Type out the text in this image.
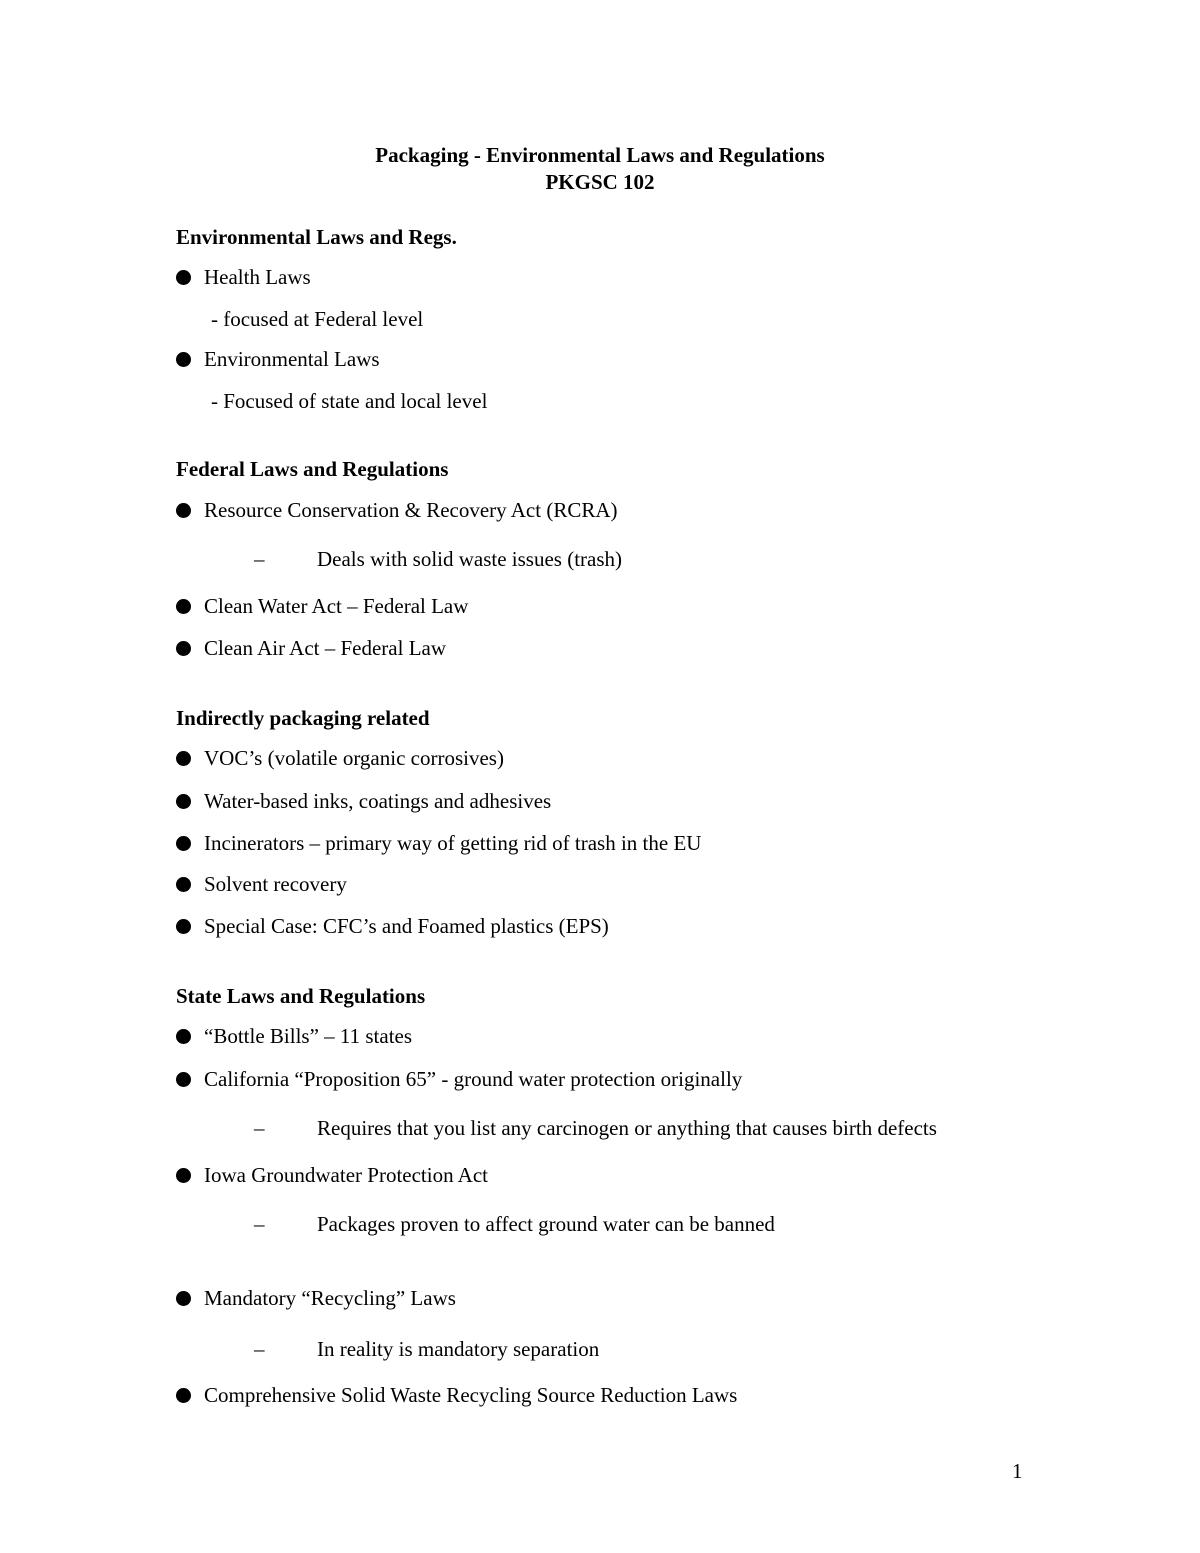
Packaging - Environmental Laws and Regulations
PKGSC 102
Environmental Laws and Regs.
Health Laws
- focused at Federal level
Environmental Laws
- Focused of state and local level
Federal Laws and Regulations
Resource Conservation & Recovery Act (RCRA)
–	Deals with solid waste issues (trash)
Clean Water Act – Federal Law
Clean Air Act – Federal Law
Indirectly packaging related
VOC’s (volatile organic corrosives)
Water-based inks, coatings and adhesives
Incinerators – primary way of getting rid of trash in the EU
Solvent recovery
Special Case: CFC’s and Foamed plastics (EPS)
State Laws and Regulations
“Bottle Bills” – 11 states
California “Proposition 65” - ground water protection originally
–	Requires that you list any carcinogen or anything that causes birth defects
Iowa Groundwater Protection Act
–	Packages proven to affect ground water can be banned
Mandatory “Recycling” Laws
–	In reality is mandatory separation
Comprehensive Solid Waste Recycling Source Reduction Laws
1
